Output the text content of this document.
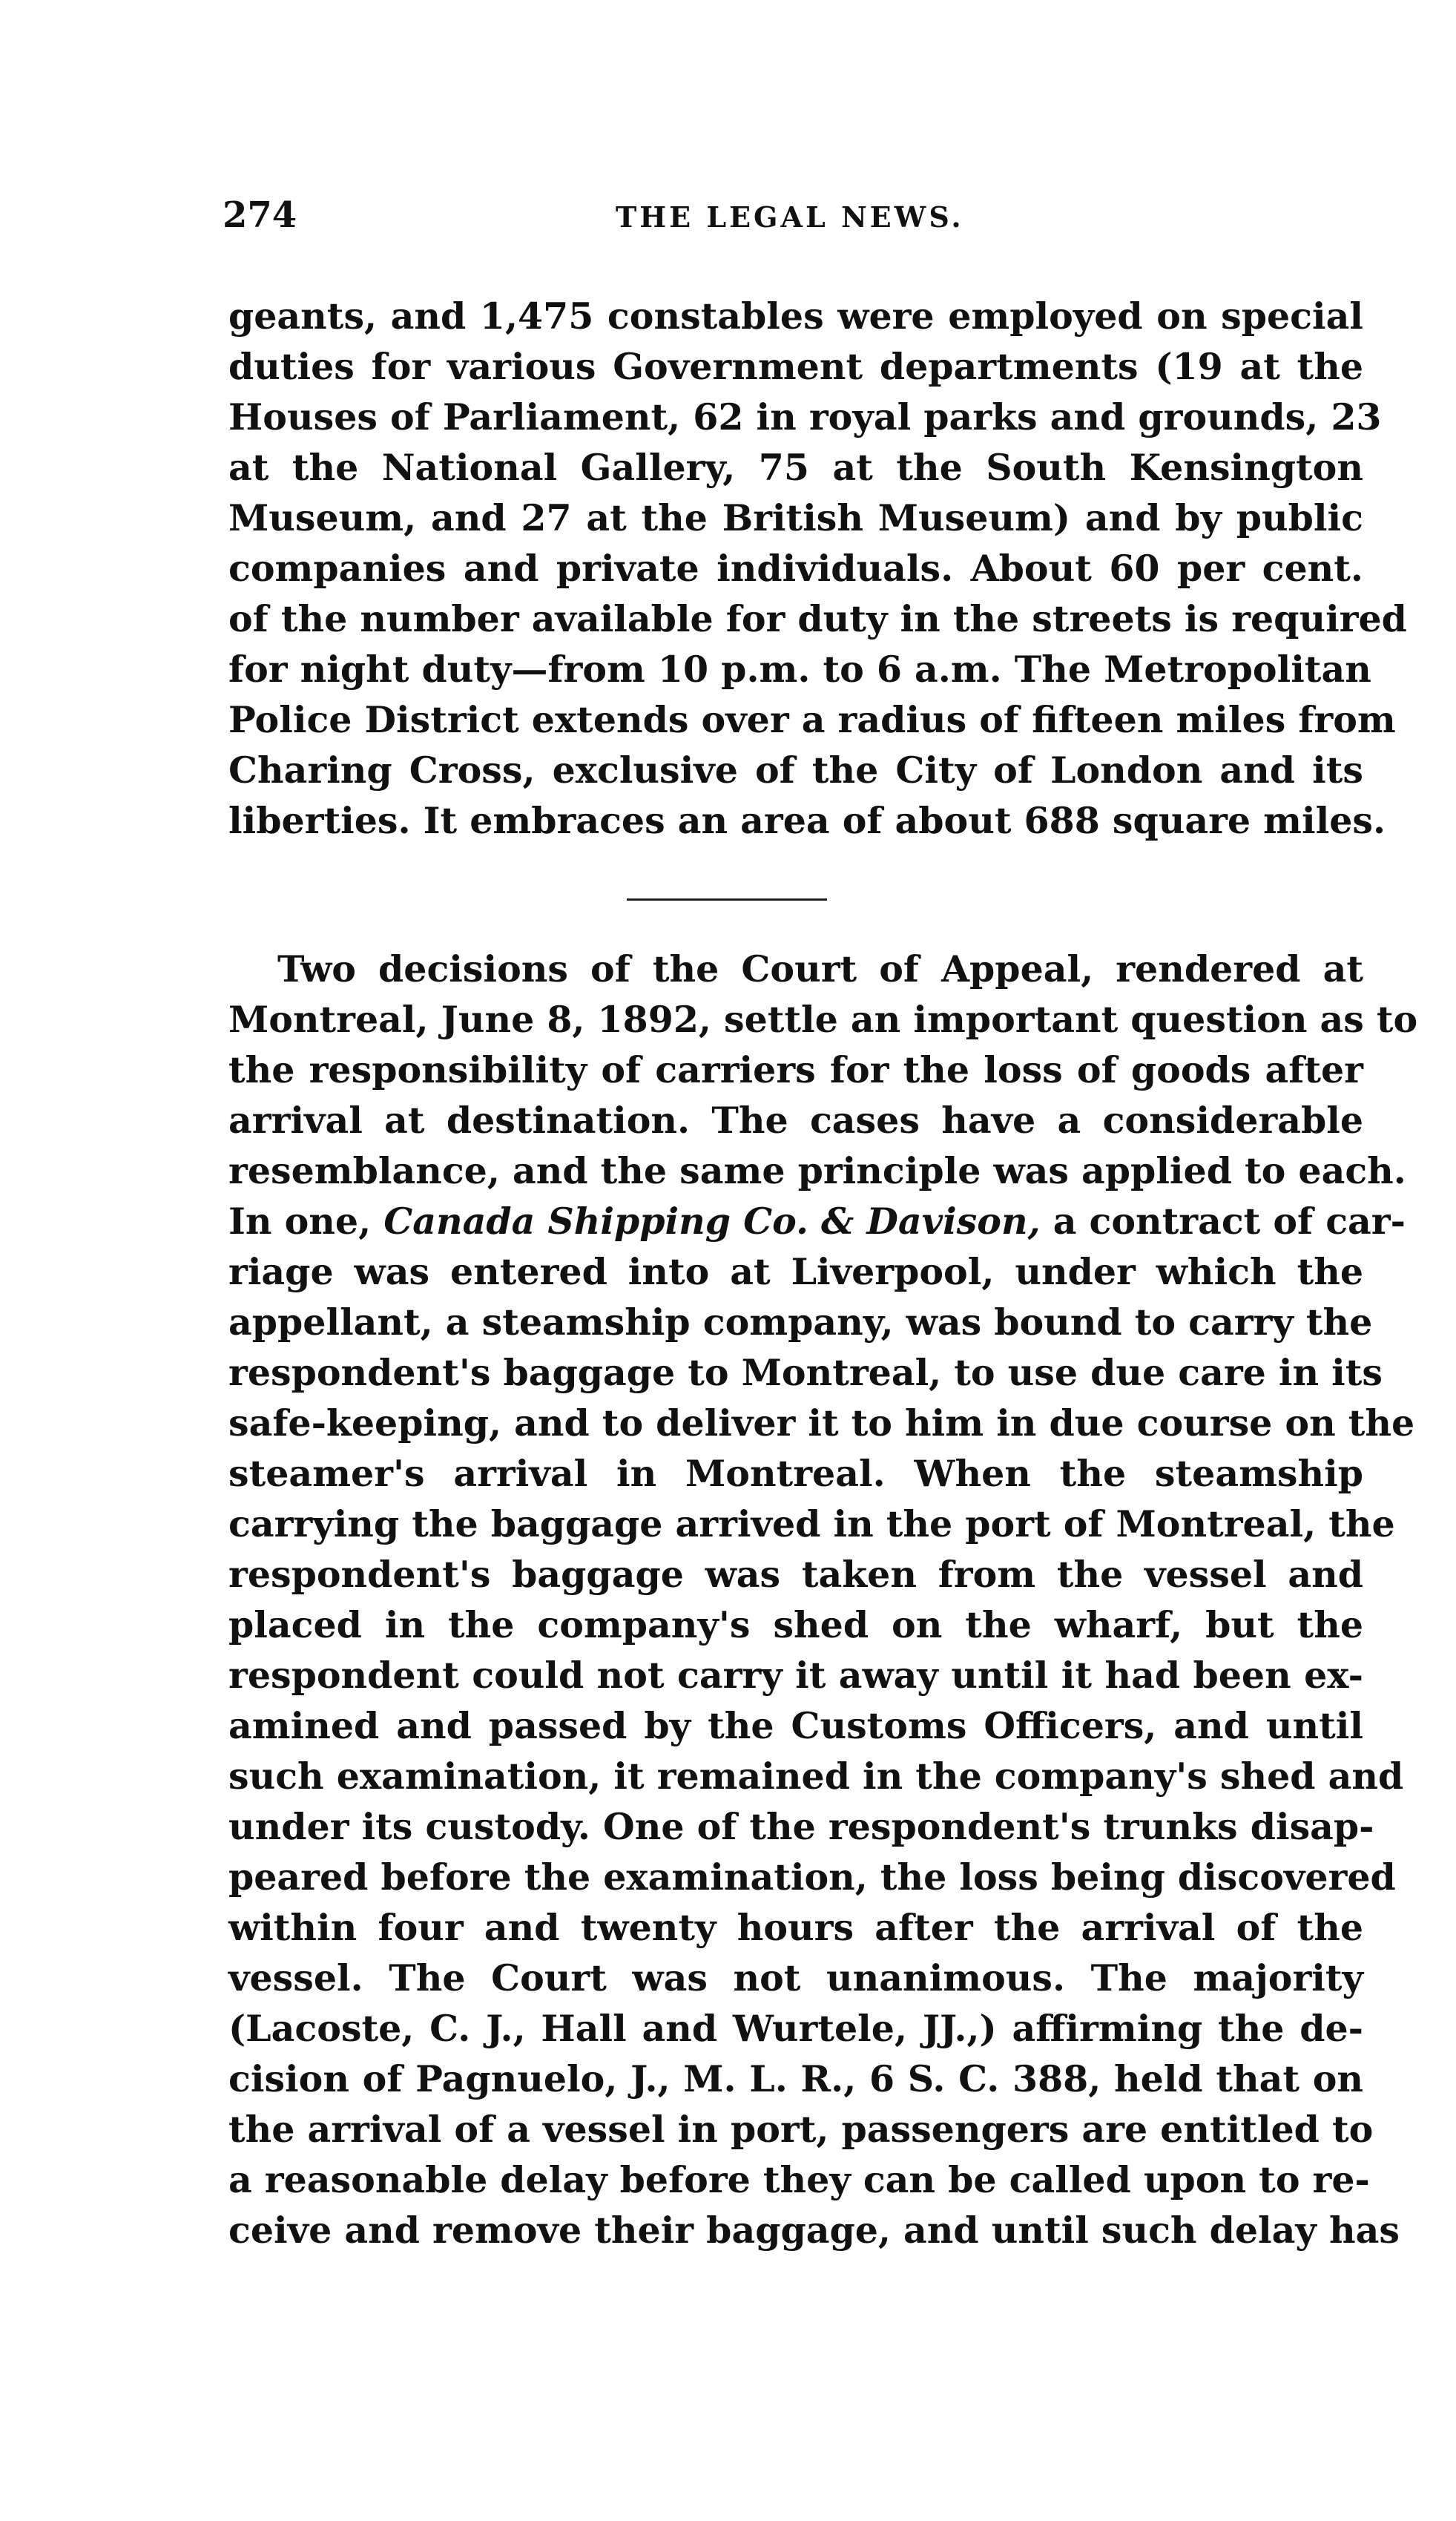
274	THE LEGAL NEWS.
geants, and 1,475 constables were employed on special
duties for various Government departments (19 at the
Houses of Parliament, 62 in royal parks and grounds, 23
at the National Gallery, 75 at the South Kensington
Museum, and 27 at the British Museum) and by public
companies and private individuals. About 60 per cent.
of the number available for duty in the streets is required
for night duty—from 10 p.m. to 6 a.m. The Metropolitan
Police District extends over a radius of fifteen miles from
Charing Cross, exclusive of the City of London and its
liberties. It embraces an area of about 688 square miles.
Two decisions of the Court of Appeal, rendered at
Montreal, June 8, 1892, settle an important question as to
the responsibility of carriers for the loss of goods after
arrival at destination. The cases have a considerable
resemblance, and the same principle was applied to each.
In one, Canada Shipping Co. & Davison, a contract of car-
riage was entered into at Liverpool, under which the
appellant, a steamship company, was bound to carry the
respondent's baggage to Montreal, to use due care in its
safe-keeping, and to deliver it to him in due course on the
steamer's arrival in Montreal. When the steamship
carrying the baggage arrived in the port of Montreal, the
respondent's baggage was taken from the vessel and
placed in the company's shed on the wharf, but the
respondent could not carry it away until it had been ex-
amined and passed by the Customs Officers, and until
such examination, it remained in the company's shed and
under its custody. One of the respondent's trunks disap-
peared before the examination, the loss being discovered
within four and twenty hours after the arrival of the
vessel. The Court was not unanimous. The majority
(Lacoste, C. J., Hall and Wurtele, JJ.,) affirming the de-
cision of Pagnuelo, J., M. L. R., 6 S. C. 388, held that on
the arrival of a vessel in port, passengers are entitled to
a reasonable delay before they can be called upon to re-
ceive and remove their baggage, and until such delay has
